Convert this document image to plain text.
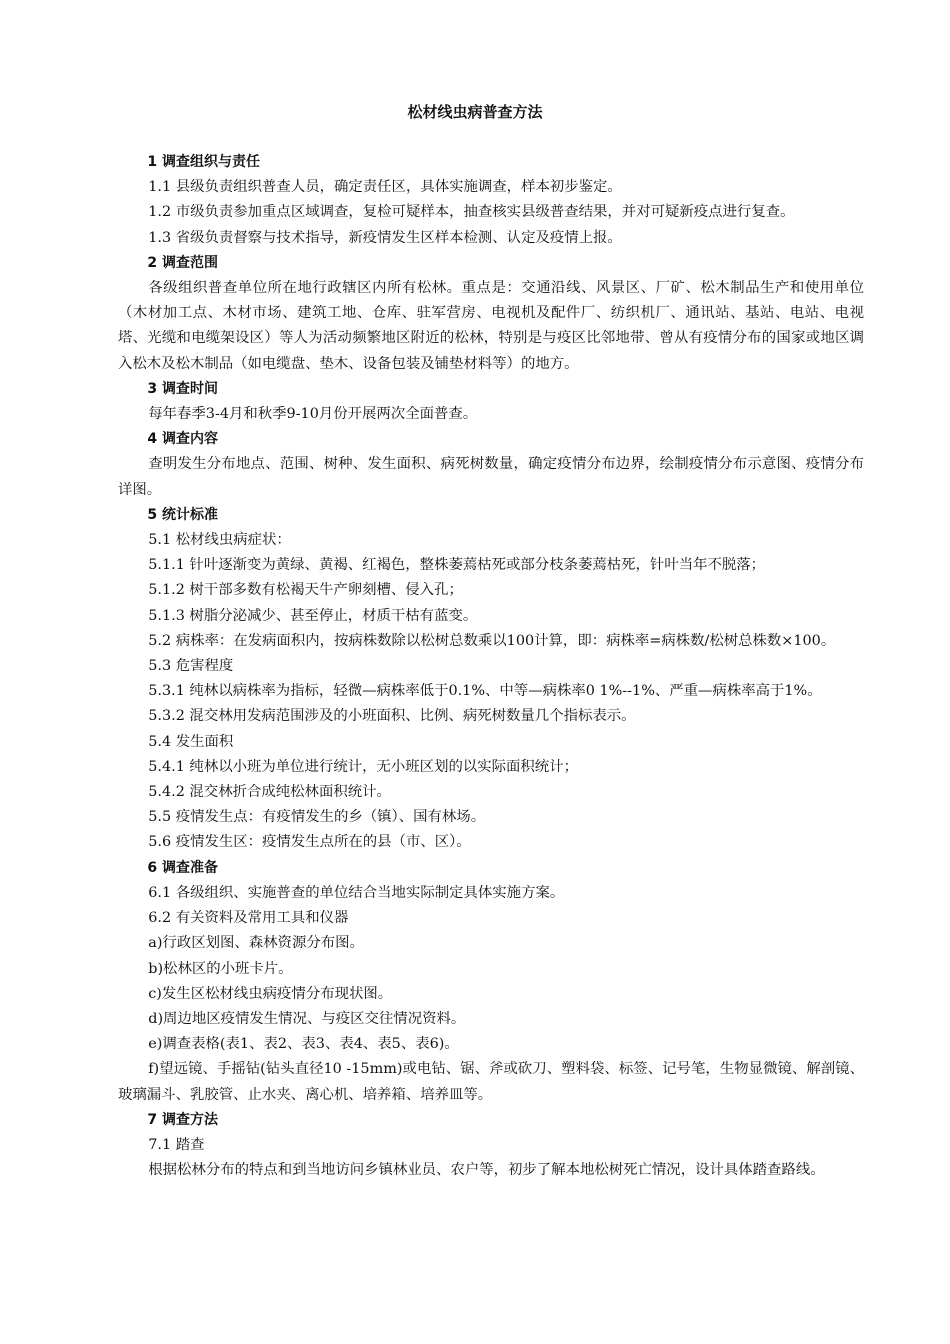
松材线虫病普查方法

1 调查组织与责任

1.1 县级负责组织普查人员，确定责任区，具体实施调查，样本初步鉴定。

1.2 市级负责参加重点区域调查，复检可疑样本，抽查核实县级普查结果，并对可疑新疫点进行复查。

1.3 省级负责督察与技术指导，新疫情发生区样本检测、认定及疫情上报。

2 调查范围

各级组织普查单位所在地行政辖区内所有松林。重点是：交通沿线、风景区、厂矿、松木制品生产和使用单位（木材加工点、木材市场、建筑工地、仓库、驻军营房、电视机及配件厂、纺织机厂、通讯站、基站、电站、电视塔、光缆和电缆架设区）等人为活动频繁地区附近的松林，特别是与疫区比邻地带、曾从有疫情分布的国家或地区调入松木及松木制品（如电缆盘、垫木、设备包装及铺垫材料等）的地方。

3 调查时间

每年春季3-4月和秋季9-10月份开展两次全面普查。

4 调查内容

查明发生分布地点、范围、树种、发生面积、病死树数量，确定疫情分布边界，绘制疫情分布示意图、疫情分布详图。

5 统计标准

5.1 松材线虫病症状：

5.1.1 针叶逐渐变为黄绿、黄褐、红褐色，整株萎蔫枯死或部分枝条萎蔫枯死，针叶当年不脱落；

5.1.2 树干部多数有松褐天牛产卵刻槽、侵入孔；

5.1.3 树脂分泌减少、甚至停止，材质干枯有蓝变。

5.2 病株率：在发病面积内，按病株数除以松树总数乘以100计算，即：病株率=病株数/松树总株数×100。

5.3 危害程度

5.3.1 纯林以病株率为指标，轻微—病株率低于0.1%、中等—病株率0 1%--1%、严重—病株率高于1%。

5.3.2 混交林用发病范围涉及的小班面积、比例、病死树数量几个指标表示。

5.4 发生面积

5.4.1 纯林以小班为单位进行统计，无小班区划的以实际面积统计；

5.4.2 混交林折合成纯松林面积统计。

5.5 疫情发生点：有疫情发生的乡（镇）、国有林场。

5.6 疫情发生区：疫情发生点所在的县（市、区）。

6 调查准备

6.1 各级组织、实施普查的单位结合当地实际制定具体实施方案。

6.2 有关资料及常用工具和仪器

a)行政区划图、森林资源分布图。

b)松林区的小班卡片。

c)发生区松材线虫病疫情分布现状图。

d)周边地区疫情发生情况、与疫区交往情况资料。

e)调查表格(表1、表2、表3、表4、表5、表6)。

f)望远镜、手摇钻(钻头直径10 -15mm)或电钻、锯、斧或砍刀、塑料袋、标签、记号笔，生物显微镜、解剖镜、玻璃漏斗、乳胶管、止水夹、离心机、培养箱、培养皿等。

7 调查方法

7.1 踏查

根据松林分布的特点和到当地访问乡镇林业员、农户等，初步了解本地松树死亡情况，设计具体踏查路线。
